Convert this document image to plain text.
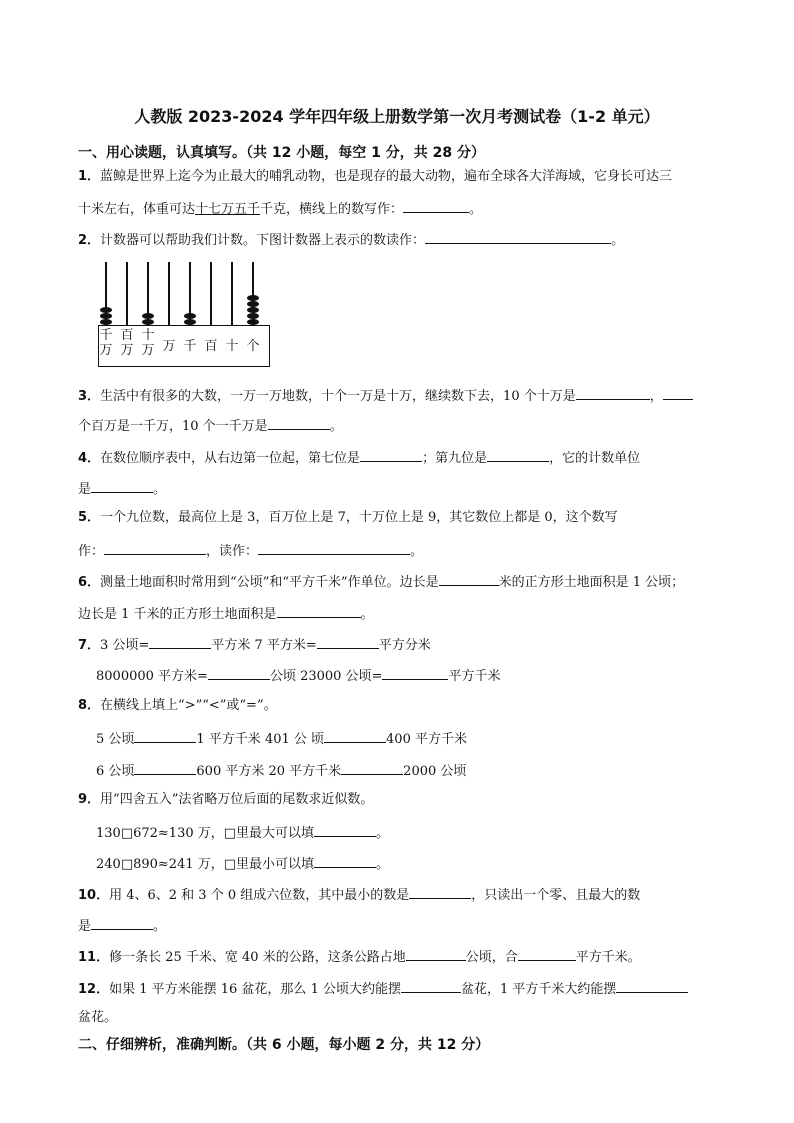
人教版 2023-2024 学年四年级上册数学第一次月考测试卷（1-2 单元）
一、用心读题，认真填写。（共 12 小题，每空 1 分，共 28 分）
1．蓝鲸是世界上迄今为止最大的哺乳动物，也是现存的最大动物，遍布全球各大洋海域，它身长可达三
十米左右，体重可达十七万五千千克，横线上的数写作：	。
2．计数器可以帮助我们计数。下图计数器上表示的数读作：	。
千
万
百
万
十
万 万 千 百 十 个
3．生活中有很多的大数，一万一万地数，十个一万是十万，继续数下去，10 个十万是	，
个百万是一千万，10 个一千万是	。
4．在数位顺序表中，从右边第一位起，第七位是	；第九位是	，它的计数单位
是	。
5．一个九位数，最高位上是 3，百万位上是 7，十万位上是 9，其它数位上都是 0，这个数写
作：	，读作：	。
6．测量土地面积时常用到“公顷”和“平方千米”作单位。边长是	米的正方形土地面积是 1 公顷；
边长是 1 千米的正方形土地面积是	。
7．3 公顷=	平方米 7 平方米=	平方分米
8000000 平方米=	公顷 23000 公顷=	平方千米
8．在横线上填上“>”“<”或“=”。
5 公顷	1 平方千米 401 公 顷	400 平方千米
6 公顷	600 平方米 20 平方千米	2000 公顷
9．用“四舍五入”法省略万位后面的尾数求近似数。
130□672≈130 万，□里最大可以填	。
240□890≈241 万，□里最小可以填	。
10．用 4、6、2 和 3 个 0 组成六位数，其中最小的数是	，只读出一个零、且最大的数
是	。
11．修一条长 25 千米、宽 40 米的公路，这条公路占地	公顷，合	平方千米。
12．如果 1 平方米能摆 16 盆花，那么 1 公顷大约能摆	盆花，1 平方千米大约能摆
盆花。
二、仔细辨析，准确判断。（共 6 小题，每小题 2 分，共 12 分）
